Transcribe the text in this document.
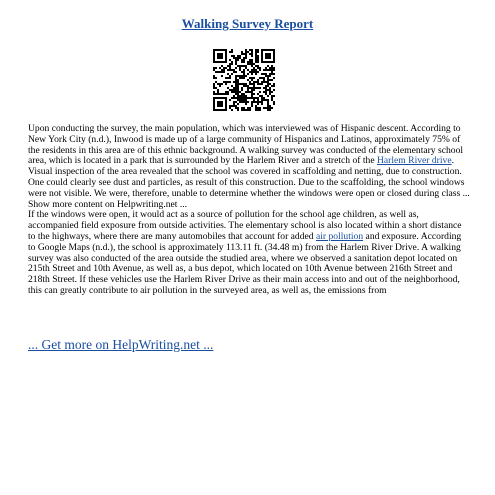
Walking Survey Report

Upon conducting the survey, the main population, which was interviewed was of Hispanic descent. According to New York City (n.d.), Inwood is made up of a large community of Hispanics and Latinos, approximately 75% of the residents in this area are of this ethnic background. A walking survey was conducted of the elementary school area, which is located in a park that is surrounded by the Harlem River and a stretch of the Harlem River drive. Visual inspection of the area revealed that the school was covered in scaffolding and netting, due to construction. One could clearly see dust and particles, as result of this construction. Due to the scaffolding, the school windows were not visible. We were, therefore, unable to determine whether the windows were open or closed during class ... Show more content on Helpwriting.net ...

If the windows were open, it would act as a source of pollution for the school age children, as well as, accompanied field exposure from outside activities. The elementary school is also located within a short distance to the highways, where there are many automobiles that account for added air pollution and exposure. According to Google Maps (n.d.), the school is approximately 113.11 ft. (34.48 m) from the Harlem River Drive. A walking survey was also conducted of the area outside the studied area, where we observed a sanitation depot located on 215th Street and 10th Avenue, as well as, a bus depot, which located on 10th Avenue between 216th Street and 218th Street. If these vehicles use the Harlem River Drive as their main access into and out of the neighborhood, this can greatly contribute to air pollution in the surveyed area, as well as, the emissions from

... Get more on HelpWriting.net ...
